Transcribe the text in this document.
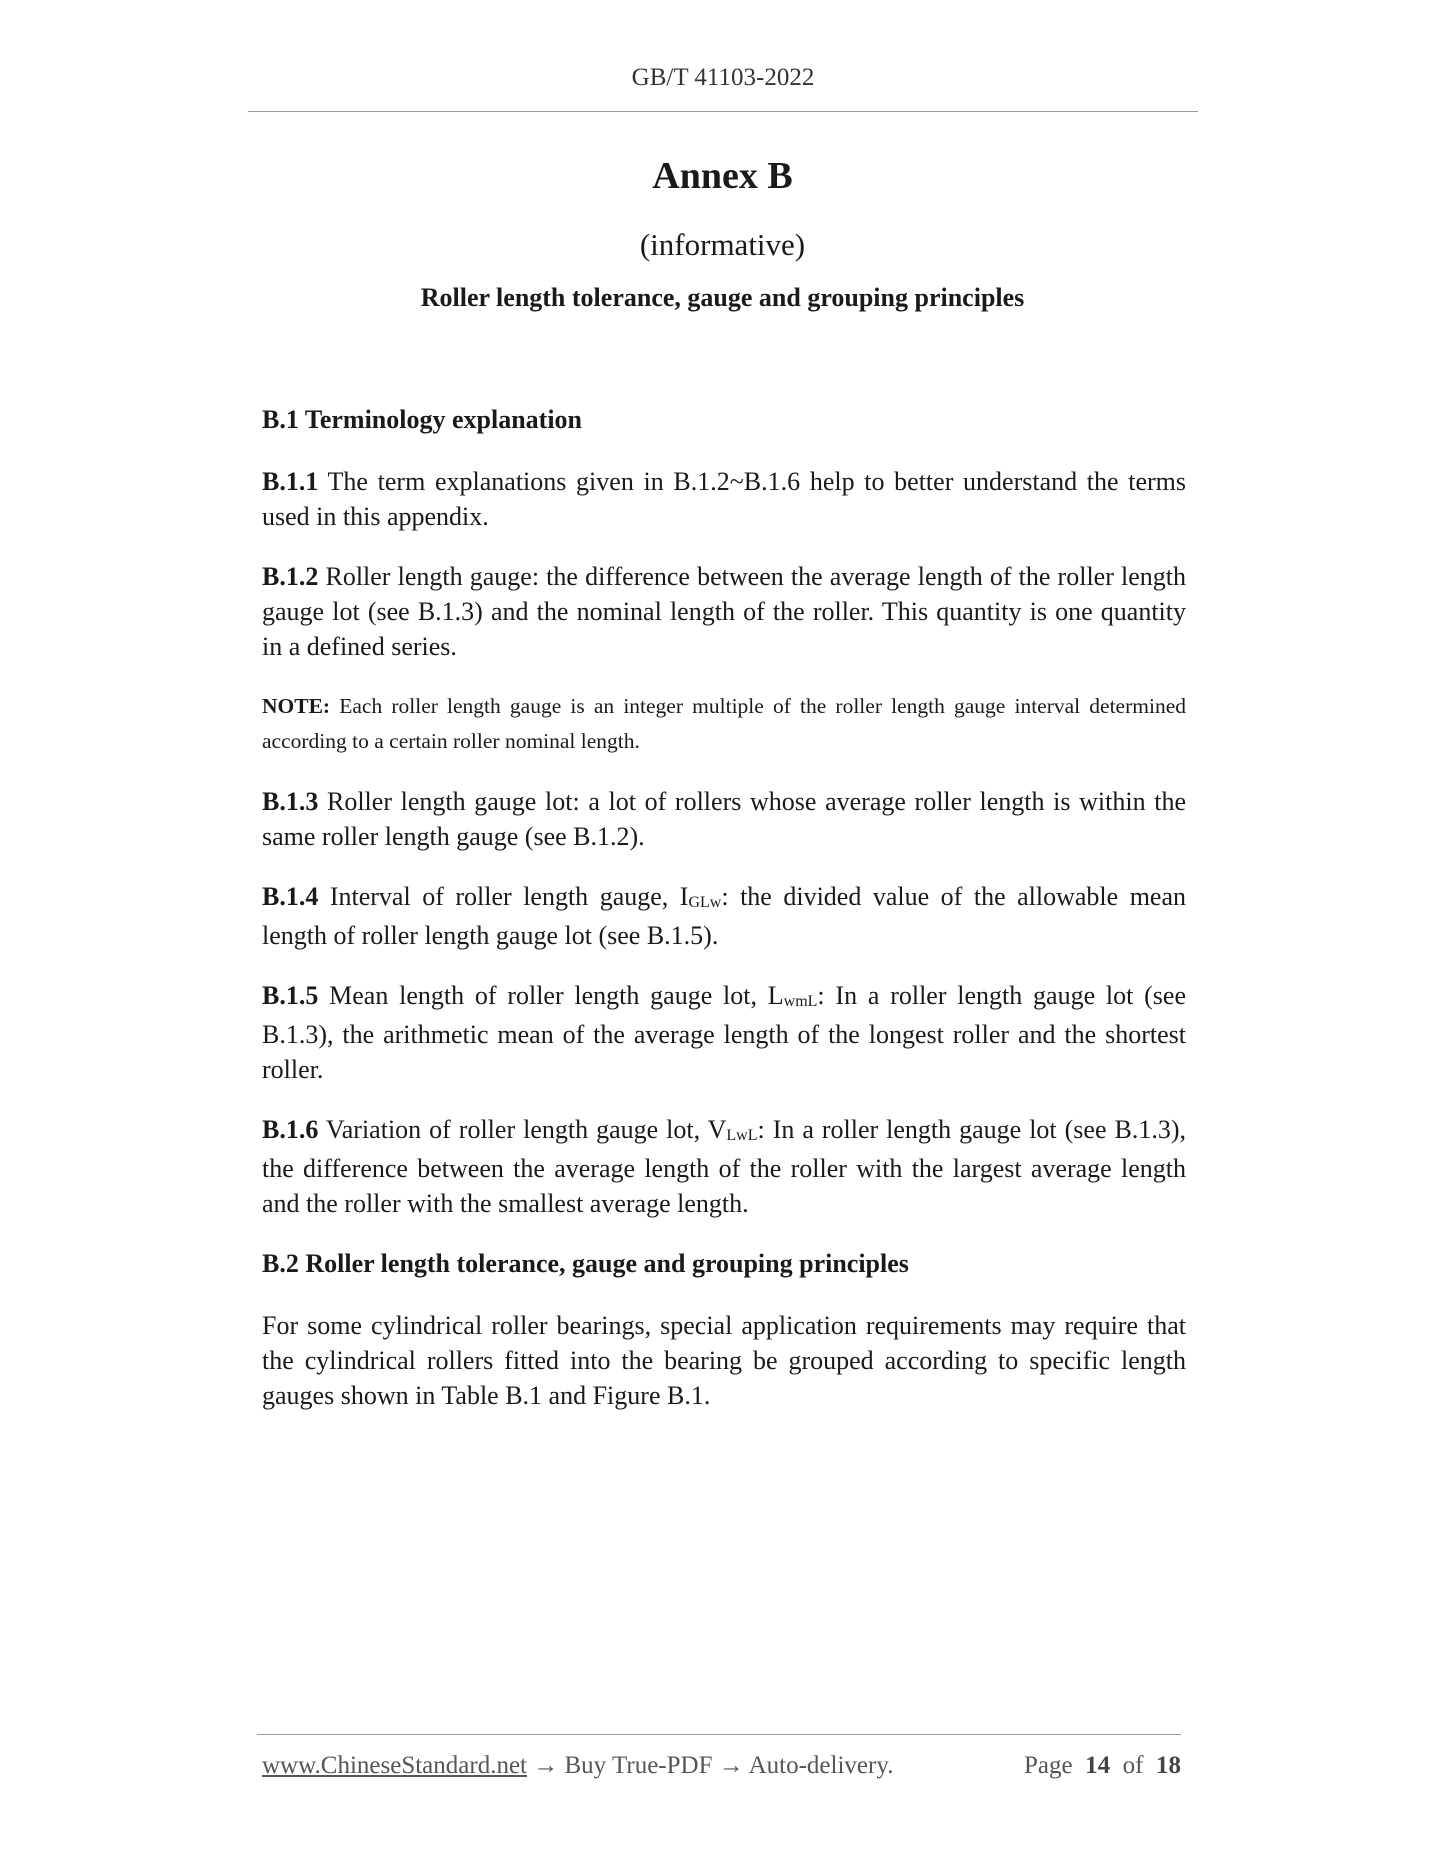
GB/T 41103-2022
Annex B
(informative)
Roller length tolerance, gauge and grouping principles
B.1 Terminology explanation

B.1.1 The term explanations given in B.1.2~B.1.6 help to better understand the terms used in this appendix.

B.1.2 Roller length gauge: the difference between the average length of the roller length gauge lot (see B.1.3) and the nominal length of the roller. This quantity is one quantity in a defined series.

NOTE: Each roller length gauge is an integer multiple of the roller length gauge interval determined according to a certain roller nominal length.

B.1.3 Roller length gauge lot: a lot of rollers whose average roller length is within the same roller length gauge (see B.1.2).

B.1.4 Interval of roller length gauge, $I_{GLw}$: the divided value of the allowable mean length of roller length gauge lot (see B.1.5).

B.1.5 Mean length of roller length gauge lot, $L_{wmL}$: In a roller length gauge lot (see B.1.3), the arithmetic mean of the average length of the longest roller and the shortest roller.

B.1.6 Variation of roller length gauge lot, $V_{LwL}$: In a roller length gauge lot (see B.1.3), the difference between the average length of the roller with the largest average length and the roller with the smallest average length.

B.2 Roller length tolerance, gauge and grouping principles

For some cylindrical roller bearings, special application requirements may require that the cylindrical rollers fitted into the bearing be grouped according to specific length gauges shown in Table B.1 and Figure B.1.

www.ChineseStandard.net → Buy True-PDF → Auto-delivery.	Page 14 of 18
